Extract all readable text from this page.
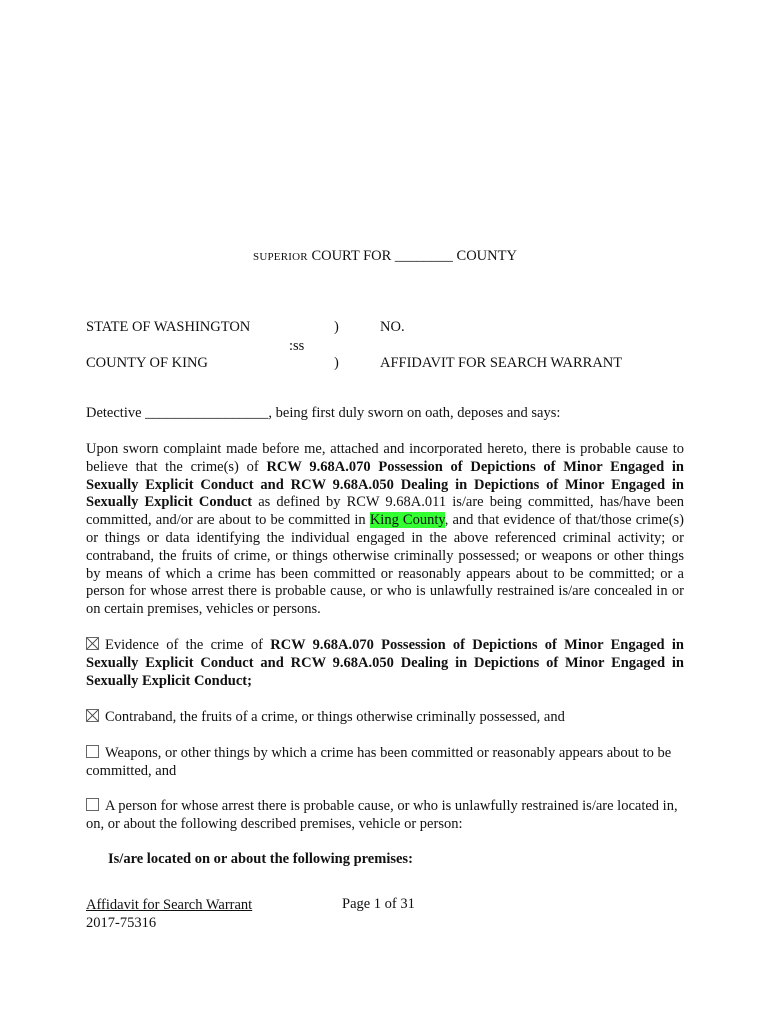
SUPERIOR COURT FOR ________ COUNTY
STATE OF WASHINGTON	)	NO.
:ss
COUNTY OF KING	)	AFFIDAVIT FOR SEARCH WARRANT
Detective _________________, being first duly sworn on oath, deposes and says:
Upon sworn complaint made before me, attached and incorporated hereto, there is probable cause to believe that the crime(s) of RCW 9.68A.070 Possession of Depictions of Minor Engaged in Sexually Explicit Conduct and RCW 9.68A.050 Dealing in Depictions of Minor Engaged in Sexually Explicit Conduct as defined by RCW 9.68A.011 is/are being committed, has/have been committed, and/or are about to be committed in King County, and that evidence of that/those crime(s) or things or data identifying the individual engaged in the above referenced criminal activity; or contraband, the fruits of crime, or things otherwise criminally possessed; or weapons or other things by means of which a crime has been committed or reasonably appears about to be committed; or a person for whose arrest there is probable cause, or who is unlawfully restrained is/are concealed in or on certain premises, vehicles or persons.
Evidence of the crime of RCW 9.68A.070 Possession of Depictions of Minor Engaged in Sexually Explicit Conduct and RCW 9.68A.050 Dealing in Depictions of Minor Engaged in Sexually Explicit Conduct;
Contraband, the fruits of a crime, or things otherwise criminally possessed, and
Weapons, or other things by which a crime has been committed or reasonably appears about to be committed, and
A person for whose arrest there is probable cause, or who is unlawfully restrained is/are located in, on, or about the following described premises, vehicle or person:
Is/are located on or about the following premises:
Affidavit for Search Warrant
2017-75316
Page 1 of 31
